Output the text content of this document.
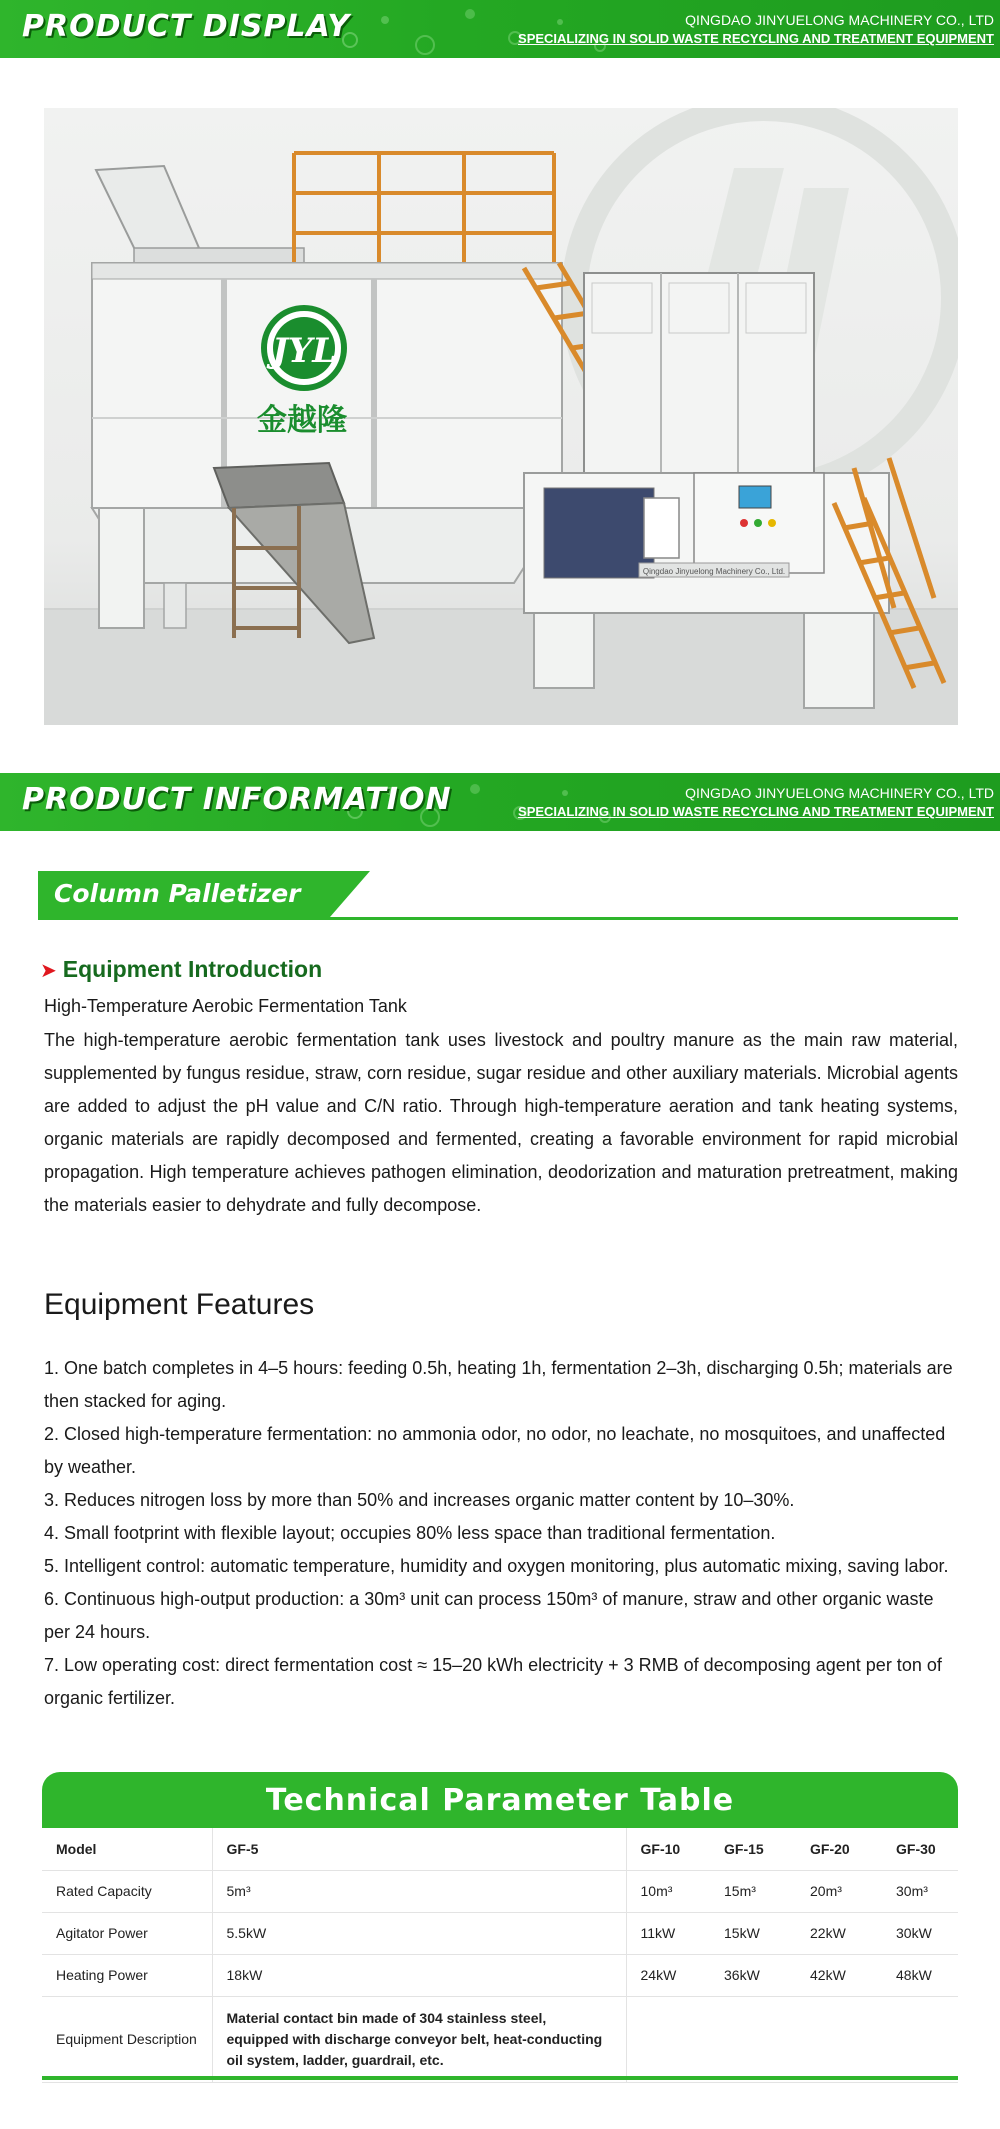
PRODUCT DISPLAY	QINGDAO JINYUELONG MACHINERY CO., LTD
SPECIALIZING IN SOLID WASTE RECYCLING AND TREATMENT EQUIPMENT
JYL
金越隆
Qingdao Jinyuelong Machinery Co., Ltd.
PRODUCT INFORMATION	QINGDAO JINYUELONG MACHINERY CO., LTD
SPECIALIZING IN SOLID WASTE RECYCLING AND TREATMENT EQUIPMENT
Column Palletizer
➤ Equipment Introduction
High-Temperature Aerobic Fermentation Tank

The high-temperature aerobic fermentation tank uses livestock and poultry manure as the main raw material, supplemented by fungus residue, straw, corn residue, sugar residue and other auxiliary materials. Microbial agents are added to adjust the pH value and C/N ratio. Through high-temperature aeration and tank heating systems, organic materials are rapidly decomposed and fermented, creating a favorable environment for rapid microbial propagation. High temperature achieves pathogen elimination, deodorization and maturation pretreatment, making the materials easier to dehydrate and fully decompose.

Equipment Features
1. One batch completes in 4–5 hours: feeding 0.5h, heating 1h, fermentation 2–3h, discharging 0.5h; materials are then stacked for aging.
2. Closed high-temperature fermentation: no ammonia odor, no odor, no leachate, no mosquitoes, and unaffected by weather.
3. Reduces nitrogen loss by more than 50% and increases organic matter content by 10–30%.
4. Small footprint with flexible layout; occupies 80% less space than traditional fermentation.
5. Intelligent control: automatic temperature, humidity and oxygen monitoring, plus automatic mixing, saving labor.
6. Continuous high-output production: a 30m³ unit can process 150m³ of manure, straw and other organic waste per 24 hours.
7. Low operating cost: direct fermentation cost ≈ 15–20 kWh electricity + 3 RMB of decomposing agent per ton of organic fertilizer.
Technical Parameter Table
Model	GF-5	GF-10	GF-15	GF-20	GF-30
Rated Capacity	5m³	10m³	15m³	20m³	30m³
Agitator Power	5.5kW	11kW	15kW	22kW	30kW
Heating Power	18kW	24kW	36kW	42kW	48kW
Equipment Description	Material contact bin made of 304 stainless steel, equipped with discharge conveyor belt, heat-conducting oil system, ladder, guardrail, etc.				
